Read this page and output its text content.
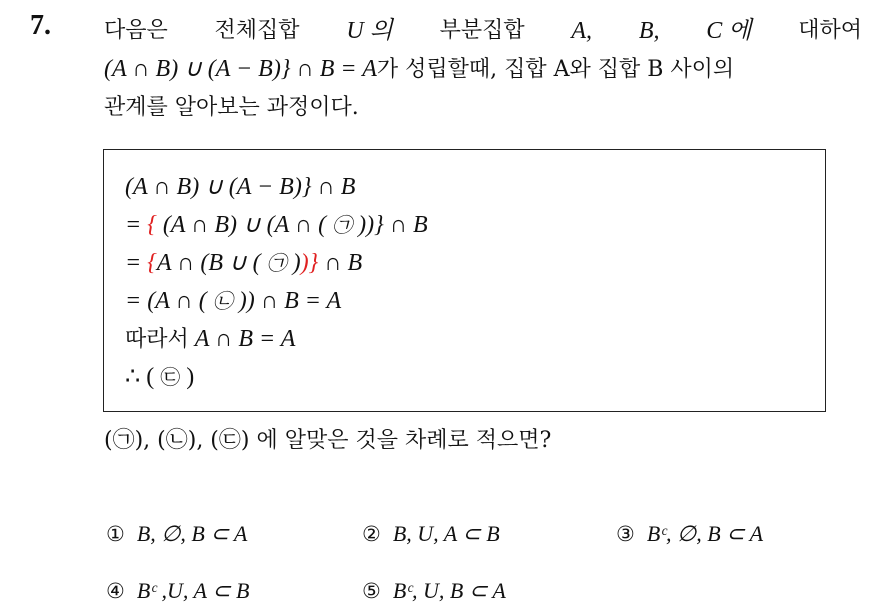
7. 다음은 전체집합 U 의 부분집합 A, B, C 에 대하여
(A ∩ B) ∪ (A − B)} ∩ B = A가 성립할때, 집합 A와 집합 B 사이의
관계를 알아보는 과정이다.
(A ∩ B) ∪ (A − B)} ∩ B
= { (A ∩ B) ∪ (A ∩ ( ㉠ ))} ∩ B
= {A ∩ (B ∪ ( ㉠ ))} ∩ B
= (A ∩ ( ㉡ )) ∩ B = A
따라서 A ∩ B = A
∴ ( ㉢ )
(㉠), (㉡), (㉢) 에 알맞은 것을 차례로 적으면?
① B, ∅, B ⊂ A	② B, U, A ⊂ B	③ Bᶜ, ∅, B ⊂ A
④ Bᶜ ,U, A ⊂ B	⑤ Bᶜ, U, B ⊂ A
